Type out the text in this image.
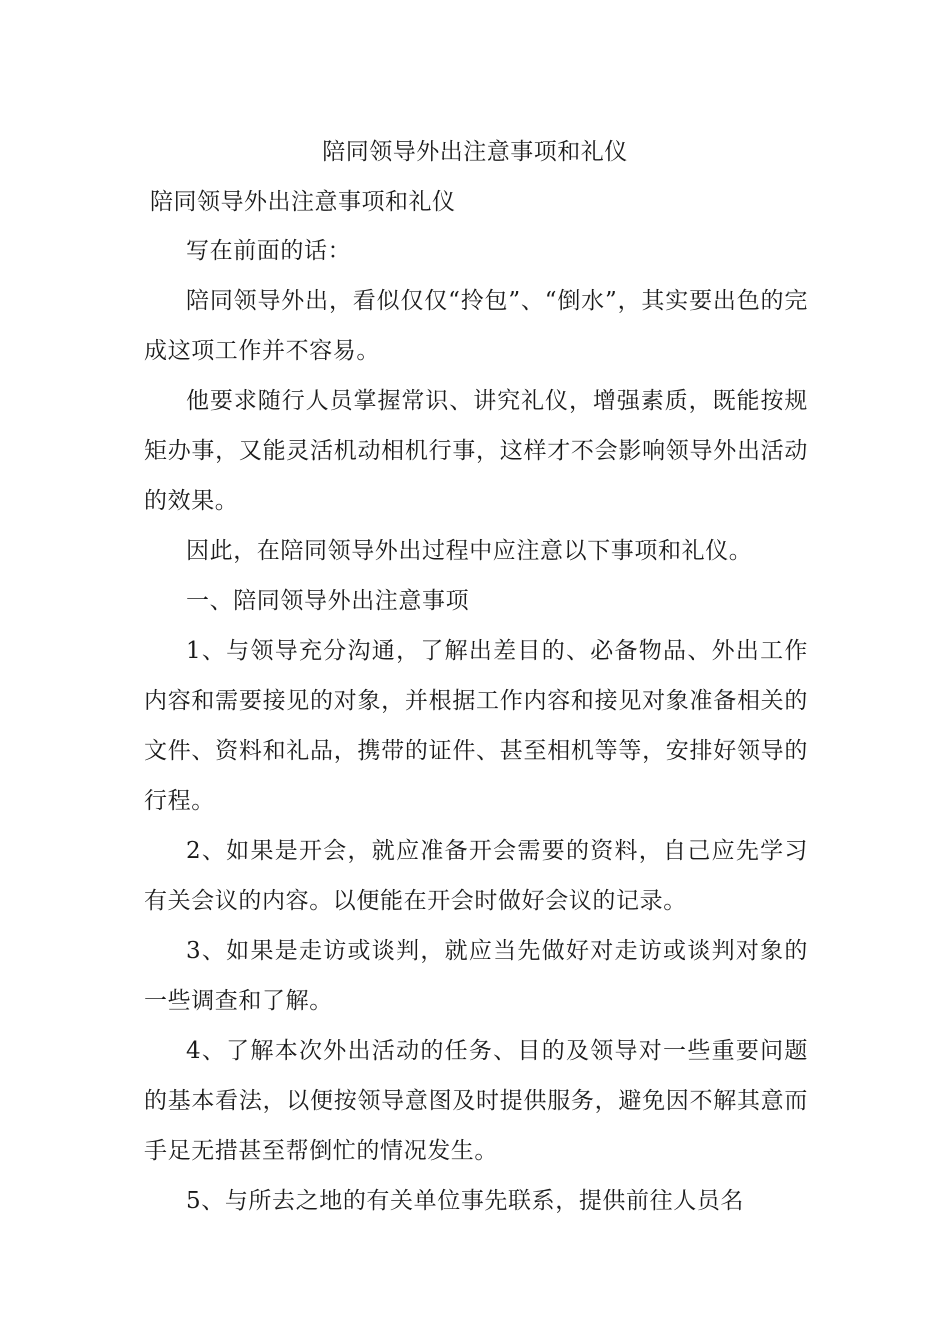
陪同领导外出注意事项和礼仪
陪同领导外出注意事项和礼仪

写在前面的话：

陪同领导外出，看似仅仅“拎包”、“倒水”，其实要出色的完成这项工作并不容易。

他要求随行人员掌握常识、讲究礼仪，增强素质，既能按规矩办事，又能灵活机动相机行事，这样才不会影响领导外出活动的效果。

因此，在陪同领导外出过程中应注意以下事项和礼仪。

一、陪同领导外出注意事项

1、与领导充分沟通，了解出差目的、必备物品、外出工作内容和需要接见的对象，并根据工作内容和接见对象准备相关的文件、资料和礼品，携带的证件、甚至相机等等，安排好领导的行程。

2、如果是开会，就应准备开会需要的资料，自己应先学习有关会议的内容。以便能在开会时做好会议的记录。

3、如果是走访或谈判，就应当先做好对走访或谈判对象的一些调查和了解。

4、了解本次外出活动的任务、目的及领导对一些重要问题的基本看法，以便按领导意图及时提供服务，避免因不解其意而手足无措甚至帮倒忙的情况发生。

5、与所去之地的有关单位事先联系，提供前往人员名
